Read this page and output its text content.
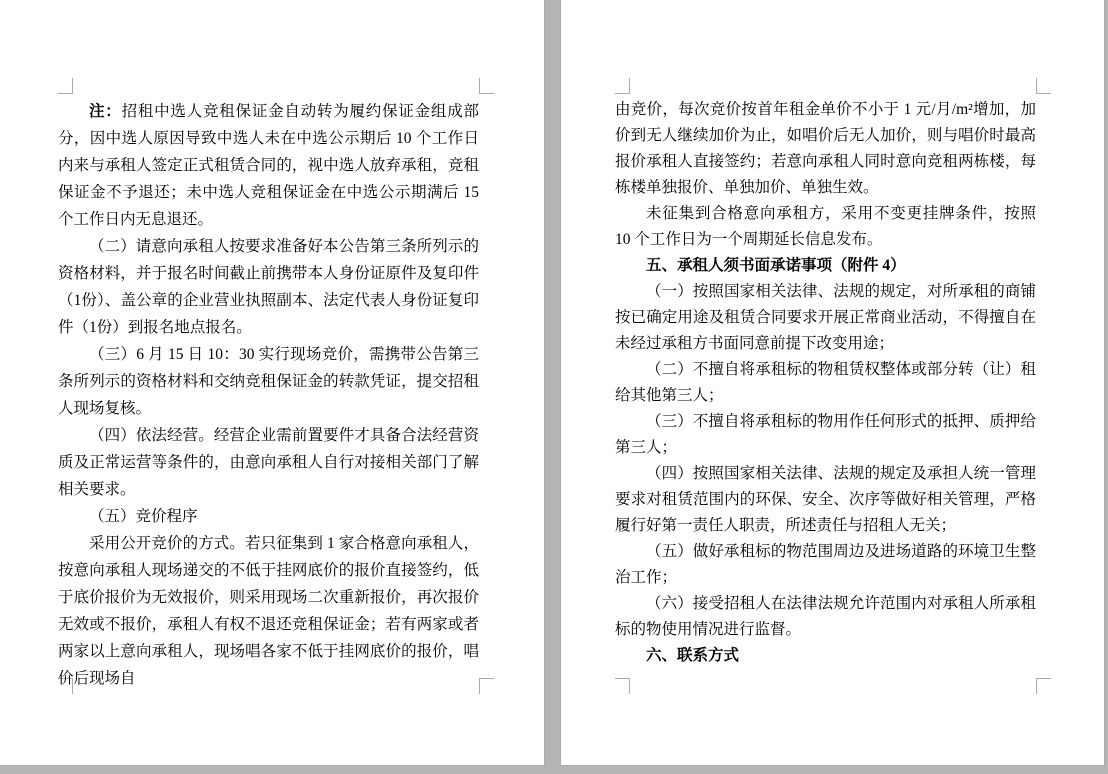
注：招租中选人竞租保证金自动转为履约保证金组成部分，因中选人原因导致中选人未在中选公示期后 10 个工作日内来与承租人签定正式租赁合同的，视中选人放弃承租，竞租保证金不予退还；未中选人竞租保证金在中选公示期满后 15 个工作日内无息退还。

（二）请意向承租人按要求准备好本公告第三条所列示的资格材料，并于报名时间截止前携带本人身份证原件及复印件（1份）、盖公章的企业营业执照副本、法定代表人身份证复印件（1份）到报名地点报名。

（三）6 月 15 日 10：30 实行现场竞价，需携带公告第三条所列示的资格材料和交纳竞租保证金的转款凭证，提交招租人现场复核。

（四）依法经营。经营企业需前置要件才具备合法经营资质及正常运营等条件的，由意向承租人自行对接相关部门了解相关要求。

（五）竞价程序

采用公开竞价的方式。若只征集到 1 家合格意向承租人，按意向承租人现场递交的不低于挂网底价的报价直接签约，低于底价报价为无效报价，则采用现场二次重新报价，再次报价无效或不报价，承租人有权不退还竞租保证金；若有两家或者两家以上意向承租人，现场唱各家不低于挂网底价的报价，唱价后现场自

由竞价，每次竞价按首年租金单价不小于 1 元/月/m²增加，加价到无人继续加价为止，如唱价后无人加价，则与唱价时最高报价承租人直接签约；若意向承租人同时意向竞租两栋楼，每栋楼单独报价、单独加价、单独生效。

未征集到合格意向承租方，采用不变更挂牌条件，按照 10 个工作日为一个周期延长信息发布。

五、承租人须书面承诺事项（附件 4）

（一）按照国家相关法律、法规的规定，对所承租的商铺按已确定用途及租赁合同要求开展正常商业活动，不得擅自在未经过承租方书面同意前提下改变用途；

（二）不擅自将承租标的物租赁权整体或部分转（让）租给其他第三人；

（三）不擅自将承租标的物用作任何形式的抵押、质押给第三人；

（四）按照国家相关法律、法规的规定及承担人统一管理要求对租赁范围内的环保、安全、次序等做好相关管理，严格履行好第一责任人职责，所述责任与招租人无关；

（五）做好承租标的物范围周边及进场道路的环境卫生整治工作；

（六）接受招租人在法律法规允许范围内对承租人所承租标的物使用情况进行监督。

六、联系方式
